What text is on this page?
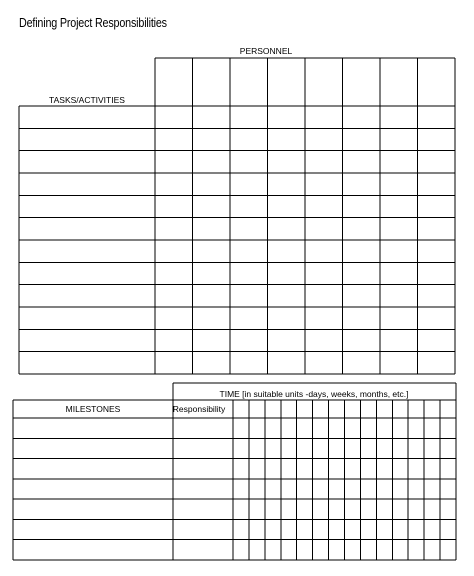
Defining Project Responsibilities
PERSONNEL
TASKS/ACTIVITIES
TIME [in suitable units -days, weeks, months, etc.]
MILESTONES	Responsibility
